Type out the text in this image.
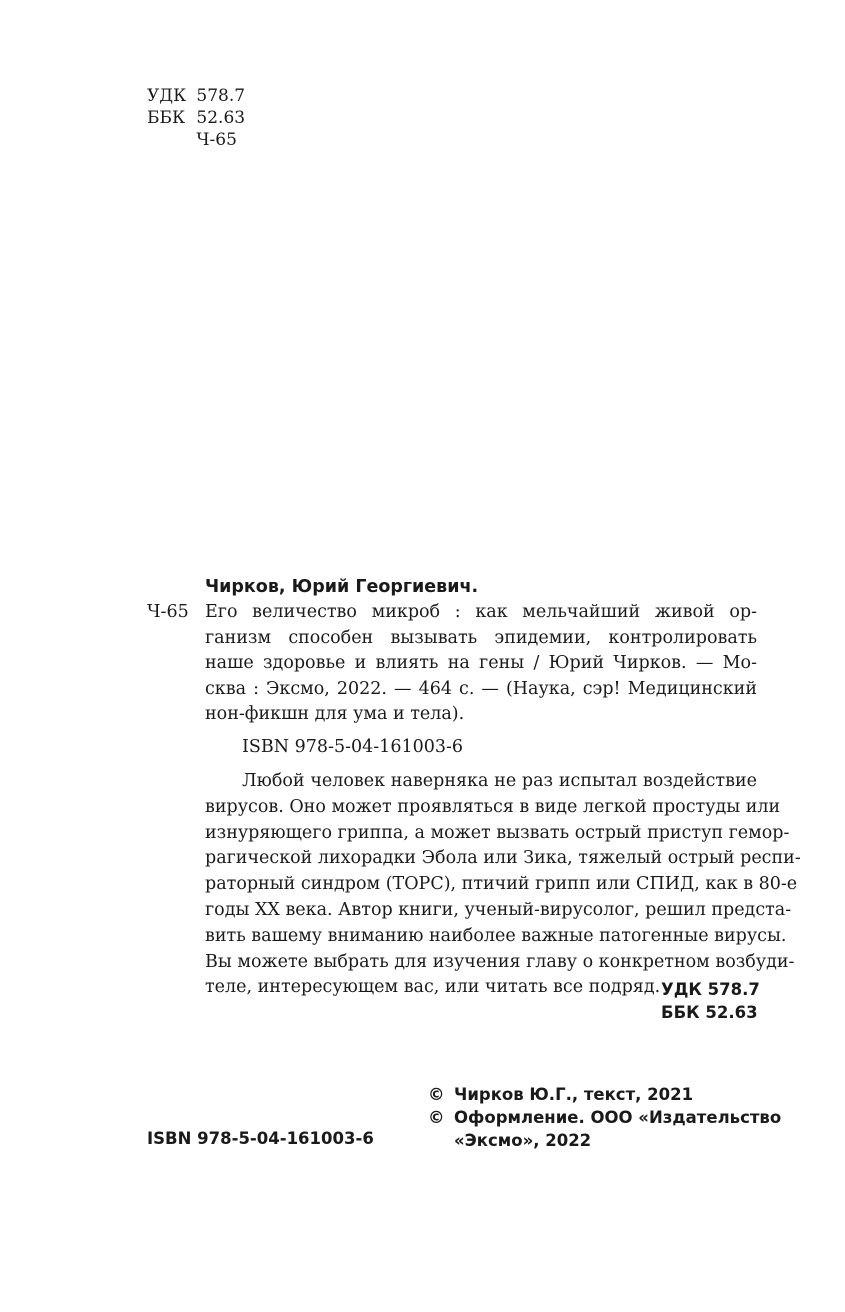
УДК 578.7
ББК 52.63
Ч-65
Чирков, Юрий Георгиевич.
Ч-65 Его величество микроб : как мельчайший живой ор-
ганизм способен вызывать эпидемии, контролировать
наше здоровье и влиять на гены / Юрий Чирков. — Мо-
сква : Эксмо, 2022. — 464 с. — (Наука, сэр! Медицинский
нон-фикшн для ума и тела).
ISBN 978-5-04-161003-6
Любой человек наверняка не раз испытал воздействие
вирусов. Оно может проявляться в виде легкой простуды или
изнуряющего гриппа, а может вызвать острый приступ гемор-
рагической лихорадки Эбола или Зика, тяжелый острый респи-
раторный синдром (ТОРС), птичий грипп или СПИД, как в 80-е
годы XX века. Автор книги, ученый-вирусолог, решил предста-
вить вашему вниманию наиболее важные патогенные вирусы.
Вы можете выбрать для изучения главу о конкретном возбуди-
теле, интересующем вас, или читать все подряд. УДК 578.7
ББК 52.63
© Чирков Ю.Г., текст, 2021
© Оформление. ООО «Издательство
«Эксмо», 2022
ISBN 978-5-04-161003-6
